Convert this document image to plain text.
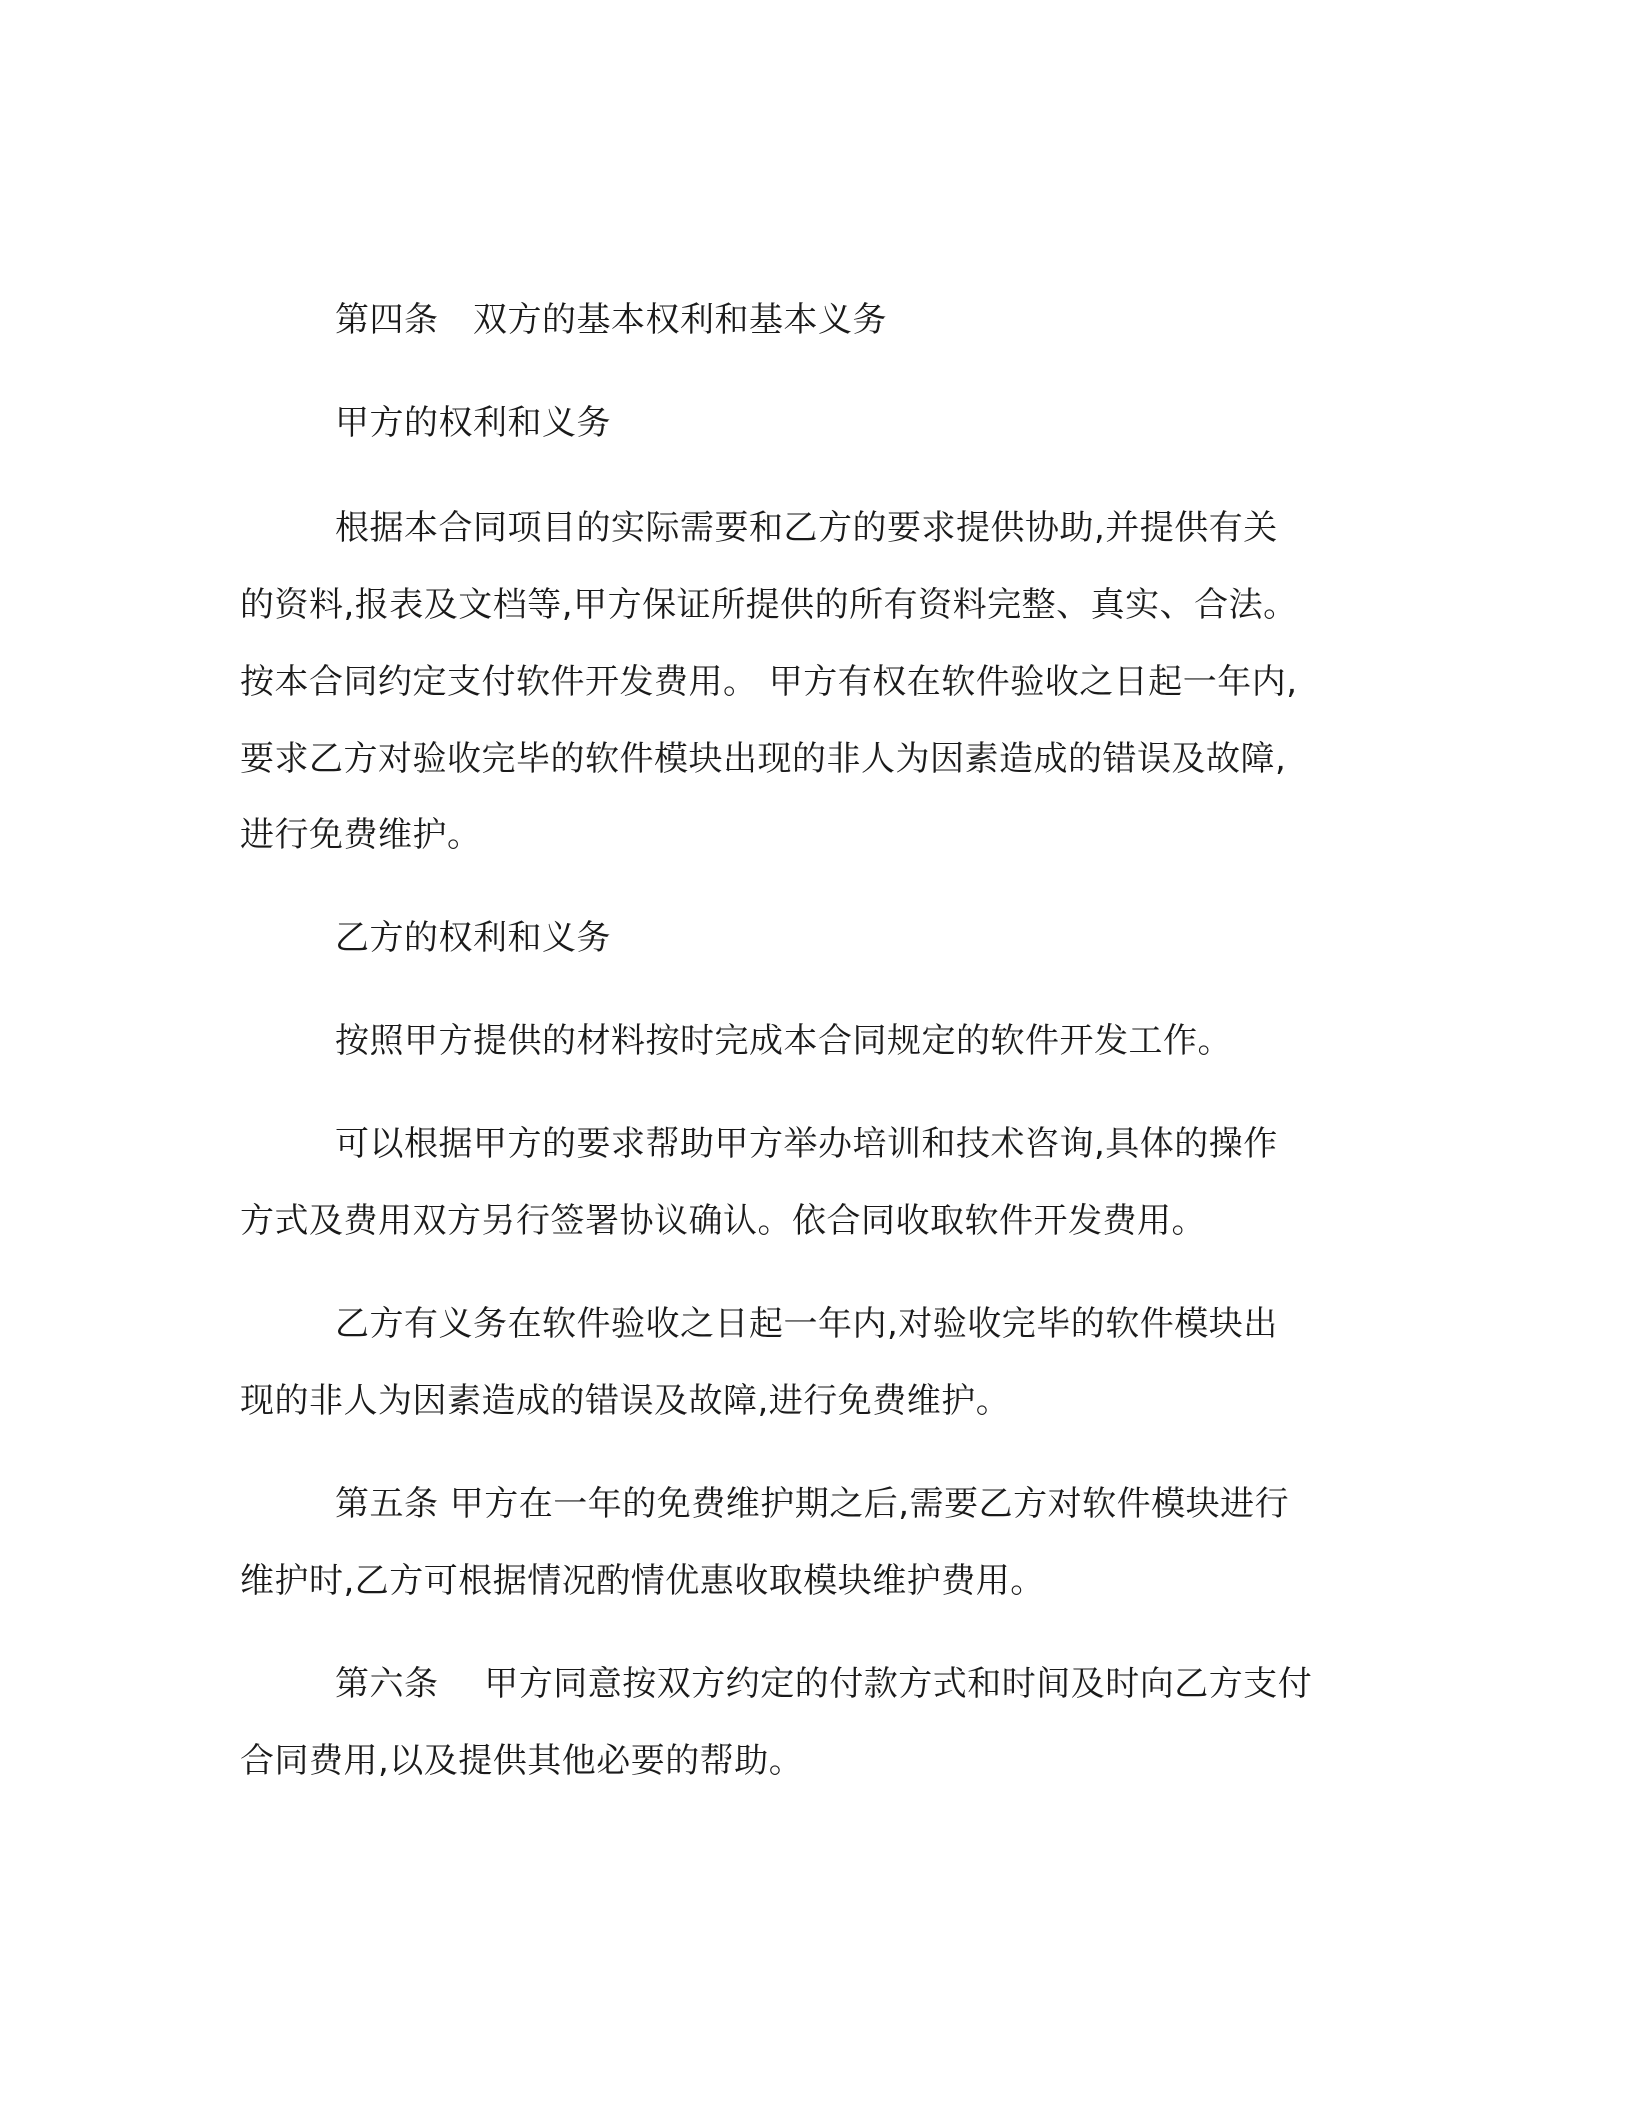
第四条　双方的基本权利和基本义务
甲方的权利和义务
根据本合同项目的实际需要和乙方的要求提供协助,并提供有关
的资料,报表及文档等,甲方保证所提供的所有资料完整、真实、合法。
按本合同约定支付软件开发费用。 甲方有权在软件验收之日起一年内,
要求乙方对验收完毕的软件模块出现的非人为因素造成的错误及故障,
进行免费维护。
乙方的权利和义务
按照甲方提供的材料按时完成本合同规定的软件开发工作。
可以根据甲方的要求帮助甲方举办培训和技术咨询,具体的操作
方式及费用双方另行签署协议确认。依合同收取软件开发费用。
乙方有义务在软件验收之日起一年内,对验收完毕的软件模块出
现的非人为因素造成的错误及故障,进行免费维护。
第五条 甲方在一年的免费维护期之后,需要乙方对软件模块进行
维护时,乙方可根据情况酌情优惠收取模块维护费用。
第六条　 甲方同意按双方约定的付款方式和时间及时向乙方支付
合同费用,以及提供其他必要的帮助。
